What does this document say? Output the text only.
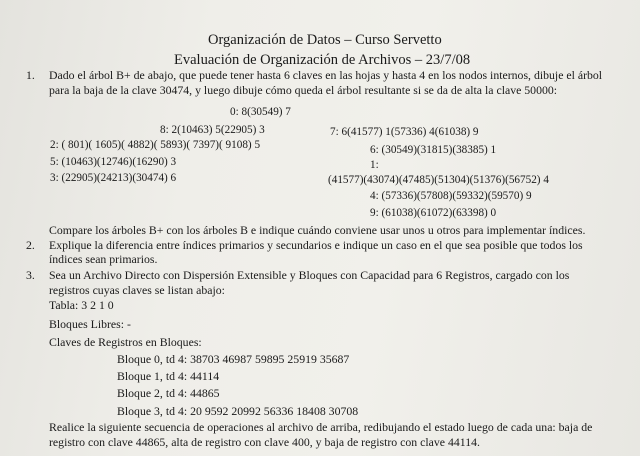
Organización de Datos – Curso Servetto
Evaluación de Organización de Archivos – 23/7/08
1. Dado el árbol B+ de abajo, que puede tener hasta 6 claves en las hojas y hasta 4 en los nodos internos, dibuje el árbol
para la baja de la clave 30474, y luego dibuje cómo queda el árbol resultante si se da de alta la clave 50000:
0: 8(30549) 7
8: 2(10463) 5(22905) 3	7: 6(41577) 1(57336) 4(61038) 9
2: ( 801)( 1605)( 4882)( 5893)( 7397)( 9108) 5	6: (30549)(31815)(38385) 1
5: (10463)(12746)(16290) 3	1:
3: (22905)(24213)(30474) 6	(41577)(43074)(47485)(51304)(51376)(56752) 4
4: (57336)(57808)(59332)(59570) 9
9: (61038)(61072)(63398) 0
Compare los árboles B+ con los árboles B e indique cuándo conviene usar unos u otros para implementar índices.
2. Explique la diferencia entre índices primarios y secundarios e indique un caso en el que sea posible que todos los
índices sean primarios.
3. Sea un Archivo Directo con Dispersión Extensible y Bloques con Capacidad para 6 Registros, cargado con los
registros cuyas claves se listan abajo:
Tabla: 3 2 1 0
Bloques Libres: -
Claves de Registros en Bloques:
Bloque 0, td 4: 38703 46987 59895 25919 35687
Bloque 1, td 4: 44114
Bloque 2, td 4: 44865
Bloque 3, td 4: 20 9592 20992 56336 18408 30708
Realice la siguiente secuencia de operaciones al archivo de arriba, redibujando el estado luego de cada una: baja de
registro con clave 44865, alta de registro con clave 400, y baja de registro con clave 44114.
